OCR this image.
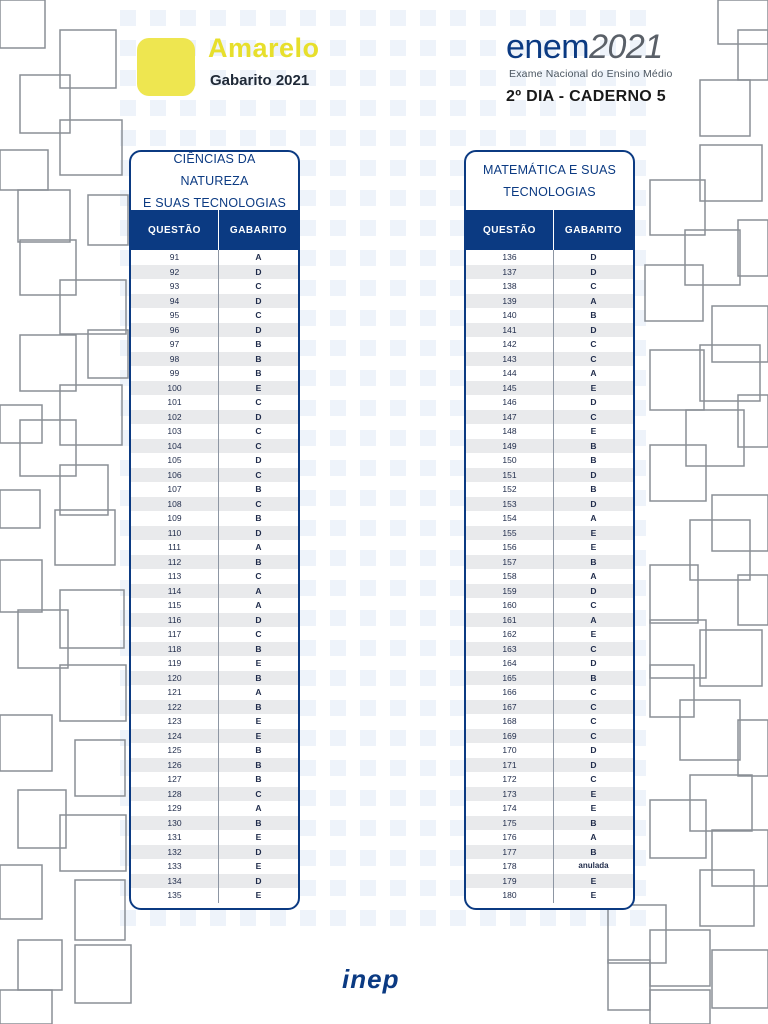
Amarelo
Gabarito 2021
enem2021
Exame Nacional do Ensino Médio
2º DIA - CADERNO 5
CIÊNCIAS DA NATUREZA
E SUAS TECNOLOGIAS
QUESTÃO	GABARITO
91	A
92	D
93	C
94	D
95	C
96	D
97	B
98	B
99	B
100	E
101	C
102	D
103	C
104	C
105	D
106	C
107	B
108	C
109	B
110	D
111	A
112	B
113	C
114	A
115	A
116	D
117	C
118	B
119	E
120	B
121	A
122	B
123	E
124	E
125	B
126	B
127	B
128	C
129	A
130	B
131	E
132	D
133	E
134	D
135	E
MATEMÁTICA E SUAS
TECNOLOGIAS
QUESTÃO	GABARITO
136	D
137	D
138	C
139	A
140	B
141	D
142	C
143	C
144	A
145	E
146	D
147	C
148	E
149	B
150	B
151	D
152	B
153	D
154	A
155	E
156	E
157	B
158	A
159	D
160	C
161	A
162	E
163	C
164	D
165	B
166	C
167	C
168	C
169	C
170	D
171	D
172	C
173	E
174	E
175	B
176	A
177	B
178	anulada
179	E
180	E
inep
